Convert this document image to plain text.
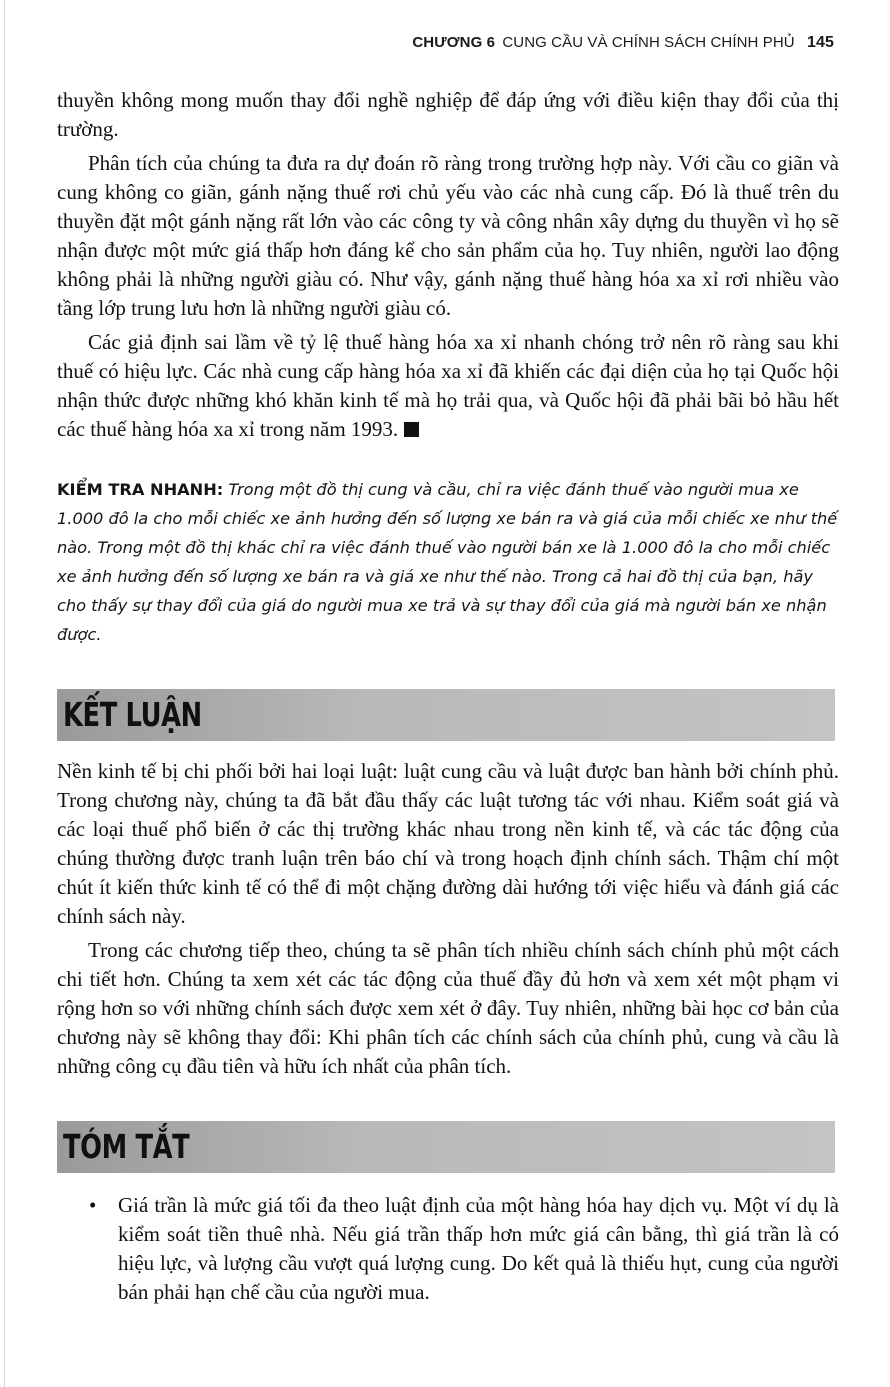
CHƯƠNG 6 CUNG CẦU VÀ CHÍNH SÁCH CHÍNH PHỦ 145

thuyền không mong muốn thay đổi nghề nghiệp để đáp ứng với điều kiện thay đổi của thị trường.

Phân tích của chúng ta đưa ra dự đoán rõ ràng trong trường hợp này. Với cầu co giãn và cung không co giãn, gánh nặng thuế rơi chủ yếu vào các nhà cung cấp. Đó là thuế trên du thuyền đặt một gánh nặng rất lớn vào các công ty và công nhân xây dựng du thuyền vì họ sẽ nhận được một mức giá thấp hơn đáng kể cho sản phẩm của họ. Tuy nhiên, người lao động không phải là những người giàu có. Như vậy, gánh nặng thuế hàng hóa xa xỉ rơi nhiều vào tầng lớp trung lưu hơn là những người giàu có.

Các giả định sai lầm về tỷ lệ thuế hàng hóa xa xỉ nhanh chóng trở nên rõ ràng sau khi thuế có hiệu lực. Các nhà cung cấp hàng hóa xa xỉ đã khiến các đại diện của họ tại Quốc hội nhận thức được những khó khăn kinh tế mà họ trải qua, và Quốc hội đã phải bãi bỏ hầu hết các thuế hàng hóa xa xỉ trong năm 1993.

KIỂM TRA NHANH: Trong một đồ thị cung và cầu, chỉ ra việc đánh thuế vào người mua xe 1.000 đô la cho mỗi chiếc xe ảnh hưởng đến số lượng xe bán ra và giá của mỗi chiếc xe như thế nào. Trong một đồ thị khác chỉ ra việc đánh thuế vào người bán xe là 1.000 đô la cho mỗi chiếc xe ảnh hưởng đến số lượng xe bán ra và giá xe như thế nào. Trong cả hai đồ thị của bạn, hãy cho thấy sự thay đổi của giá do người mua xe trả và sự thay đổi của giá mà người bán xe nhận được.
KẾT LUẬN

Nền kinh tế bị chi phối bởi hai loại luật: luật cung cầu và luật được ban hành bởi chính phủ. Trong chương này, chúng ta đã bắt đầu thấy các luật tương tác với nhau. Kiểm soát giá và các loại thuế phổ biến ở các thị trường khác nhau trong nền kinh tế, và các tác động của chúng thường được tranh luận trên báo chí và trong hoạch định chính sách. Thậm chí một chút ít kiến thức kinh tế có thể đi một chặng đường dài hướng tới việc hiểu và đánh giá các chính sách này.

Trong các chương tiếp theo, chúng ta sẽ phân tích nhiều chính sách chính phủ một cách chi tiết hơn. Chúng ta xem xét các tác động của thuế đầy đủ hơn và xem xét một phạm vi rộng hơn so với những chính sách được xem xét ở đây. Tuy nhiên, những bài học cơ bản của chương này sẽ không thay đổi: Khi phân tích các chính sách của chính phủ, cung và cầu là những công cụ đầu tiên và hữu ích nhất của phân tích.

TÓM TẮT
• Giá trần là mức giá tối đa theo luật định của một hàng hóa hay dịch vụ. Một ví dụ là kiểm soát tiền thuê nhà. Nếu giá trần thấp hơn mức giá cân bằng, thì giá trần là có hiệu lực, và lượng cầu vượt quá lượng cung. Do kết quả là thiếu hụt, cung của người bán phải hạn chế cầu của người mua.
